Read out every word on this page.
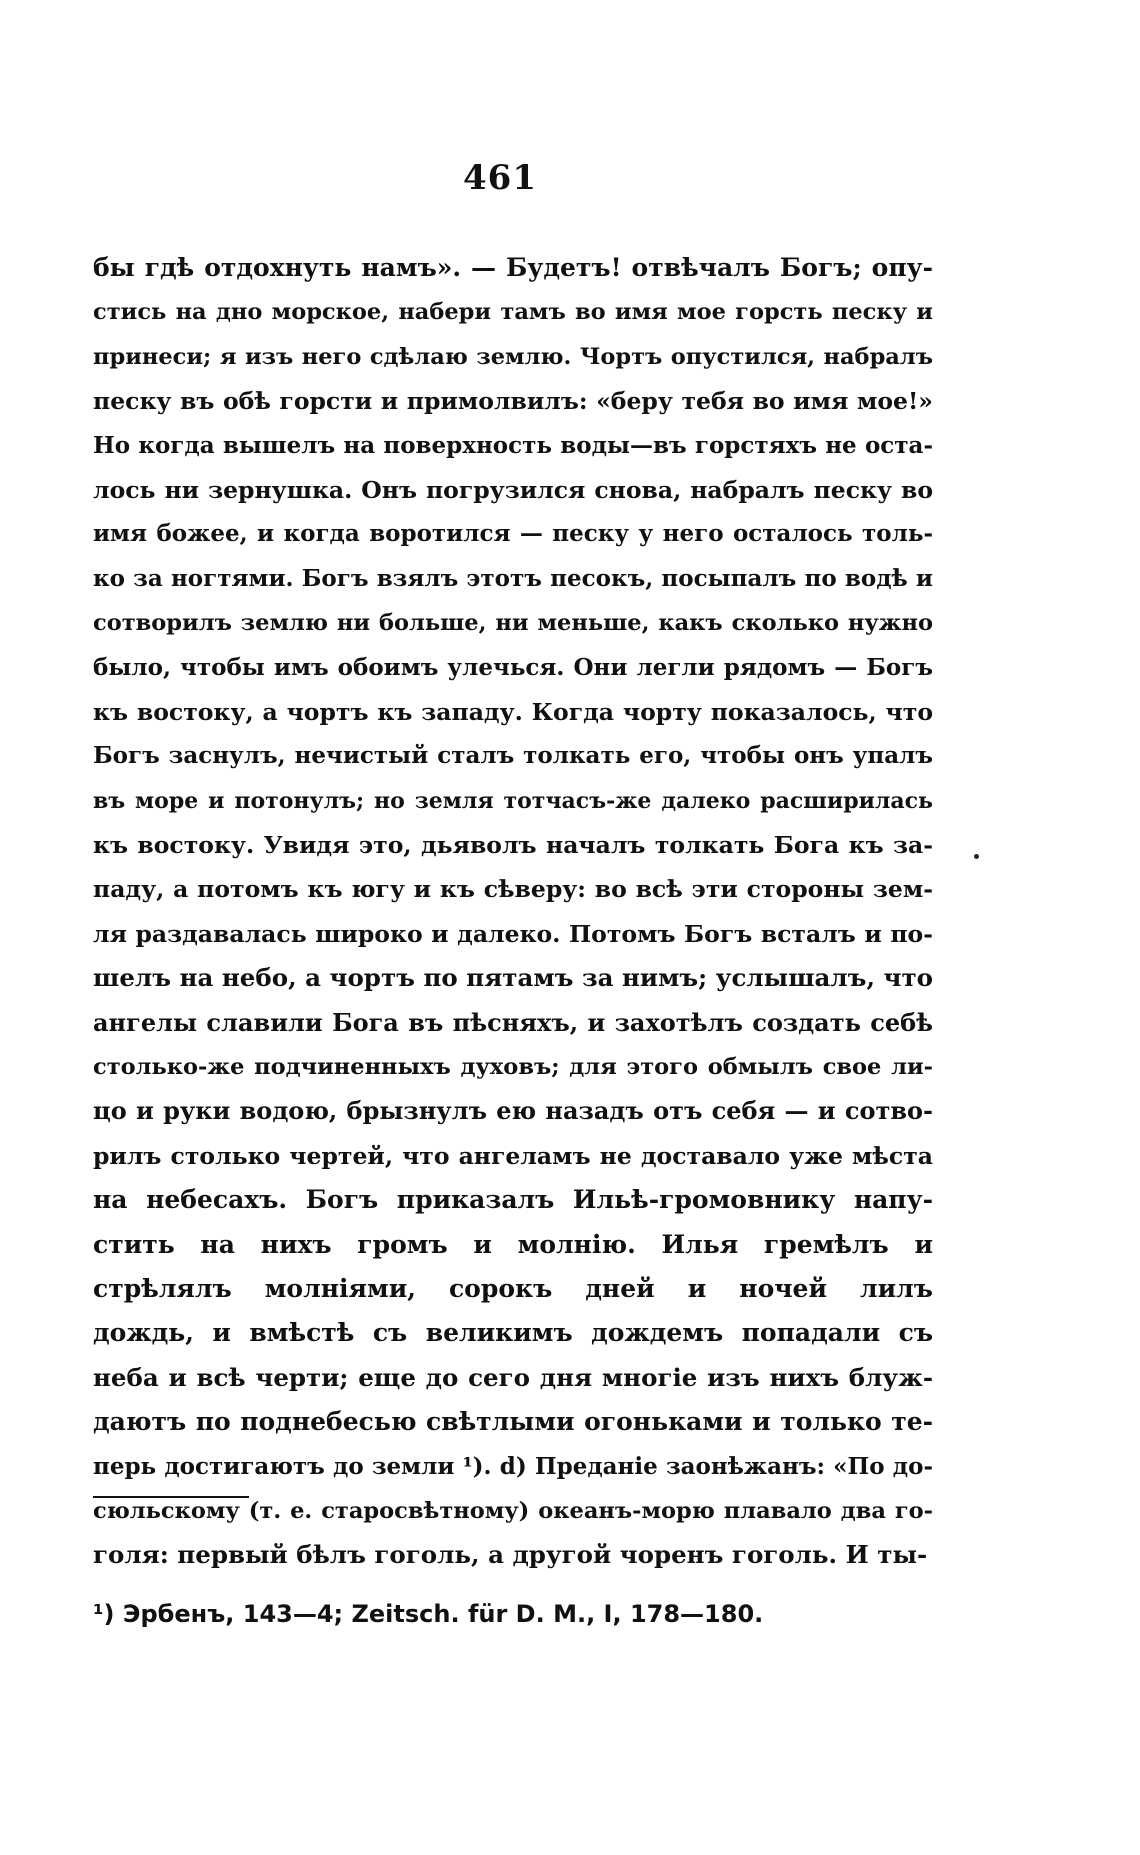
461
бы гдѣ отдохнуть намъ». — Будетъ! отвѣчалъ Богъ; опу-
стись на дно морское, набери тамъ во имя мое горсть песку и
принеси; я изъ него сдѣлаю землю. Чортъ опустился, набралъ
песку въ обѣ горсти и примолвилъ: «беру тебя во имя мое!»
Но когда вышелъ на поверхность воды—въ горстяхъ не оста-
лось ни зернушка. Онъ погрузился снова, набралъ песку во
имя божее, и когда воротился — песку у него осталось толь-
ко за ногтями. Богъ взялъ этотъ песокъ, посыпалъ по водѣ и
сотворилъ землю ни больше, ни меньше, какъ сколько нужно
было, чтобы имъ обоимъ улечься. Они легли рядомъ — Богъ
къ востоку, а чортъ къ западу. Когда чорту показалось, что
Богъ заснулъ, нечистый сталъ толкать его, чтобы онъ упалъ
въ море и потонулъ; но земля тотчасъ-же далеко расширилась
къ востоку. Увидя это, дьяволъ началъ толкать Бога къ за-
паду, а потомъ къ югу и къ сѣверу: во всѣ эти стороны зем-
ля раздавалась широко и далеко. Потомъ Богъ всталъ и по-
шелъ на небо, а чортъ по пятамъ за нимъ; услышалъ, что
ангелы славили Бога въ пѣсняхъ, и захотѣлъ создать себѣ
столько-же подчиненныхъ духовъ; для этого обмылъ свое ли-
цо и руки водою, брызнулъ ею назадъ отъ себя — и сотво-
рилъ столько чертей, что ангеламъ не доставало уже мѣста
на небесахъ. Богъ приказалъ Ильѣ-громовнику напу-
стить на нихъ громъ и молнію. Илья гремѣлъ и
стрѣлялъ молніями, сорокъ дней и ночей лилъ
дождь, и вмѣстѣ съ великимъ дождемъ попадали съ
неба и всѣ черти; еще до сего дня многіе изъ нихъ блуж-
даютъ по поднебесью свѣтлыми огоньками и только те-
перь достигаютъ до земли ¹). d) Преданіе заонѣжанъ: «По до-
сюльскому (т. е. старосвѣтному) океанъ-морю плавало два го-
голя: первый бѣлъ гоголь, а другой чоренъ гоголь. И ты-
¹) Эрбенъ, 143—4; Zeitsch. für D. M., I, 178—180.
